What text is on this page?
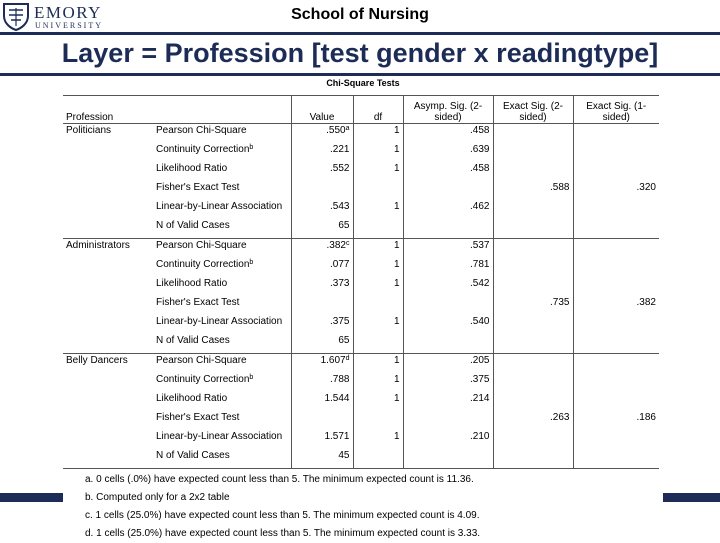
EMORY
UNIVERSITY
School of Nursing
Layer = Profession [test gender x readingtype]
Chi-Square Tests
Profession		Value	df	Asymp. Sig. (2-sided)	Exact Sig. (2-sided)	Exact Sig. (1-sided)
Politicians	Pearson Chi-Square	.550$^a$	1	.458		
	Continuity Correction$^b$	.221	1	.639		
	Likelihood Ratio	.552	1	.458		
	Fisher's Exact Test				.588	.320
	Linear-by-Linear Association	.543	1	.462		
	N of Valid Cases	65				
Administrators	Pearson Chi-Square	.382$^c$	1	.537		
	Continuity Correction$^b$	.077	1	.781		
	Likelihood Ratio	.373	1	.542		
	Fisher's Exact Test				.735	.382
	Linear-by-Linear Association	.375	1	.540		
	N of Valid Cases	65				
Belly Dancers	Pearson Chi-Square	1.607$^d$	1	.205		
	Continuity Correction$^b$	.788	1	.375		
	Likelihood Ratio	1.544	1	.214		
	Fisher's Exact Test				.263	.186
	Linear-by-Linear Association	1.571	1	.210		
	N of Valid Cases	45				
a. 0 cells (.0%) have expected count less than 5. The minimum expected count is 11.36.
b. Computed only for a 2x2 table
c. 1 cells (25.0%) have expected count less than 5. The minimum expected count is 4.09.
d. 1 cells (25.0%) have expected count less than 5. The minimum expected count is 3.33.
